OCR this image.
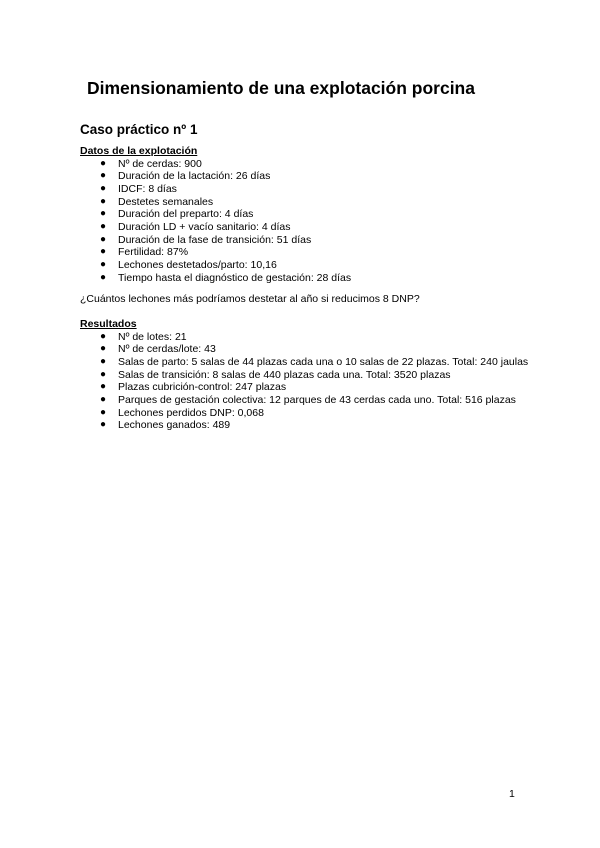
Dimensionamiento de una explotación porcina
Caso práctico nº 1

Datos de la explotación

● Nº de cerdas: 900
● Duración de la lactación: 26 días
● IDCF: 8 días
● Destetes semanales
● Duración del preparto: 4 días
● Duración LD + vacío sanitario: 4 días
● Duración de la fase de transición: 51 días
● Fertilidad: 87%
● Lechones destetados/parto: 10,16
● Tiempo hasta el diagnóstico de gestación: 28 días

¿Cuántos lechones más podríamos destetar al año si reducimos 8 DNP?

Resultados

● Nº de lotes: 21
● Nº de cerdas/lote: 43
● Salas de parto: 5 salas de 44 plazas cada una o 10 salas de 22 plazas. Total: 240 jaulas
● Salas de transición: 8 salas de 440 plazas cada una. Total: 3520 plazas
● Plazas cubrición-control: 247 plazas
● Parques de gestación colectiva: 12 parques de 43 cerdas cada uno. Total: 516 plazas
● Lechones perdidos DNP: 0,068
● Lechones ganados: 489
1
